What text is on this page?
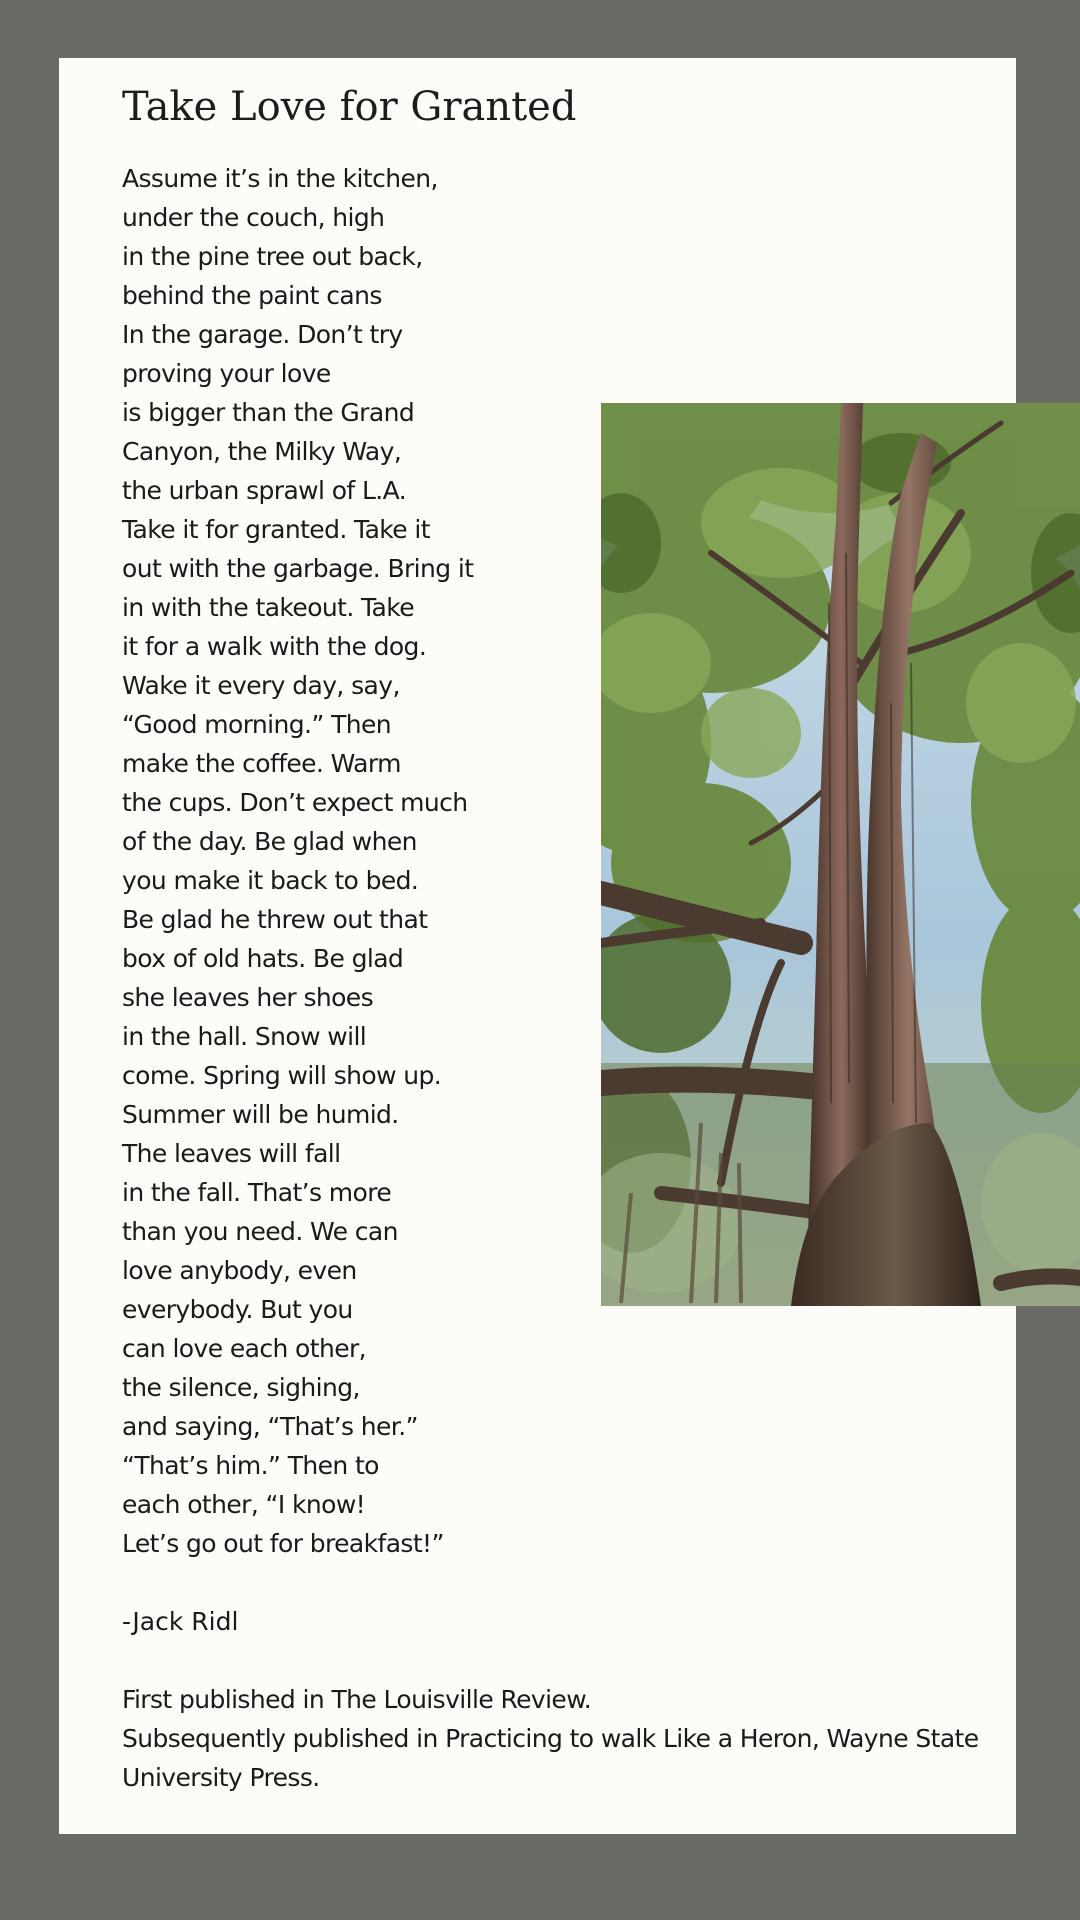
Take Love for Granted
Assume it’s in the kitchen,
under the couch, high
in the pine tree out back,
behind the paint cans
In the garage. Don’t try
proving your love
is bigger than the Grand
Canyon, the Milky Way,
the urban sprawl of L.A.
Take it for granted. Take it
out with the garbage. Bring it
in with the takeout. Take
it for a walk with the dog.
Wake it every day, say,
“Good morning.” Then
make the coffee. Warm
the cups. Don’t expect much
of the day. Be glad when
you make it back to bed.
Be glad he threw out that
box of old hats. Be glad
she leaves her shoes
in the hall. Snow will
come. Spring will show up.
Summer will be humid.
The leaves will fall
in the fall. That’s more
than you need. We can
love anybody, even
everybody. But you
can love each other,
the silence, sighing,
and saying, “That’s her.”
“That’s him.” Then to
each other, “I know!
Let’s go out for breakfast!”
-Jack Ridl
First published in The Louisville Review.
Subsequently published in Practicing to walk Like a Heron, Wayne State
University Press.
